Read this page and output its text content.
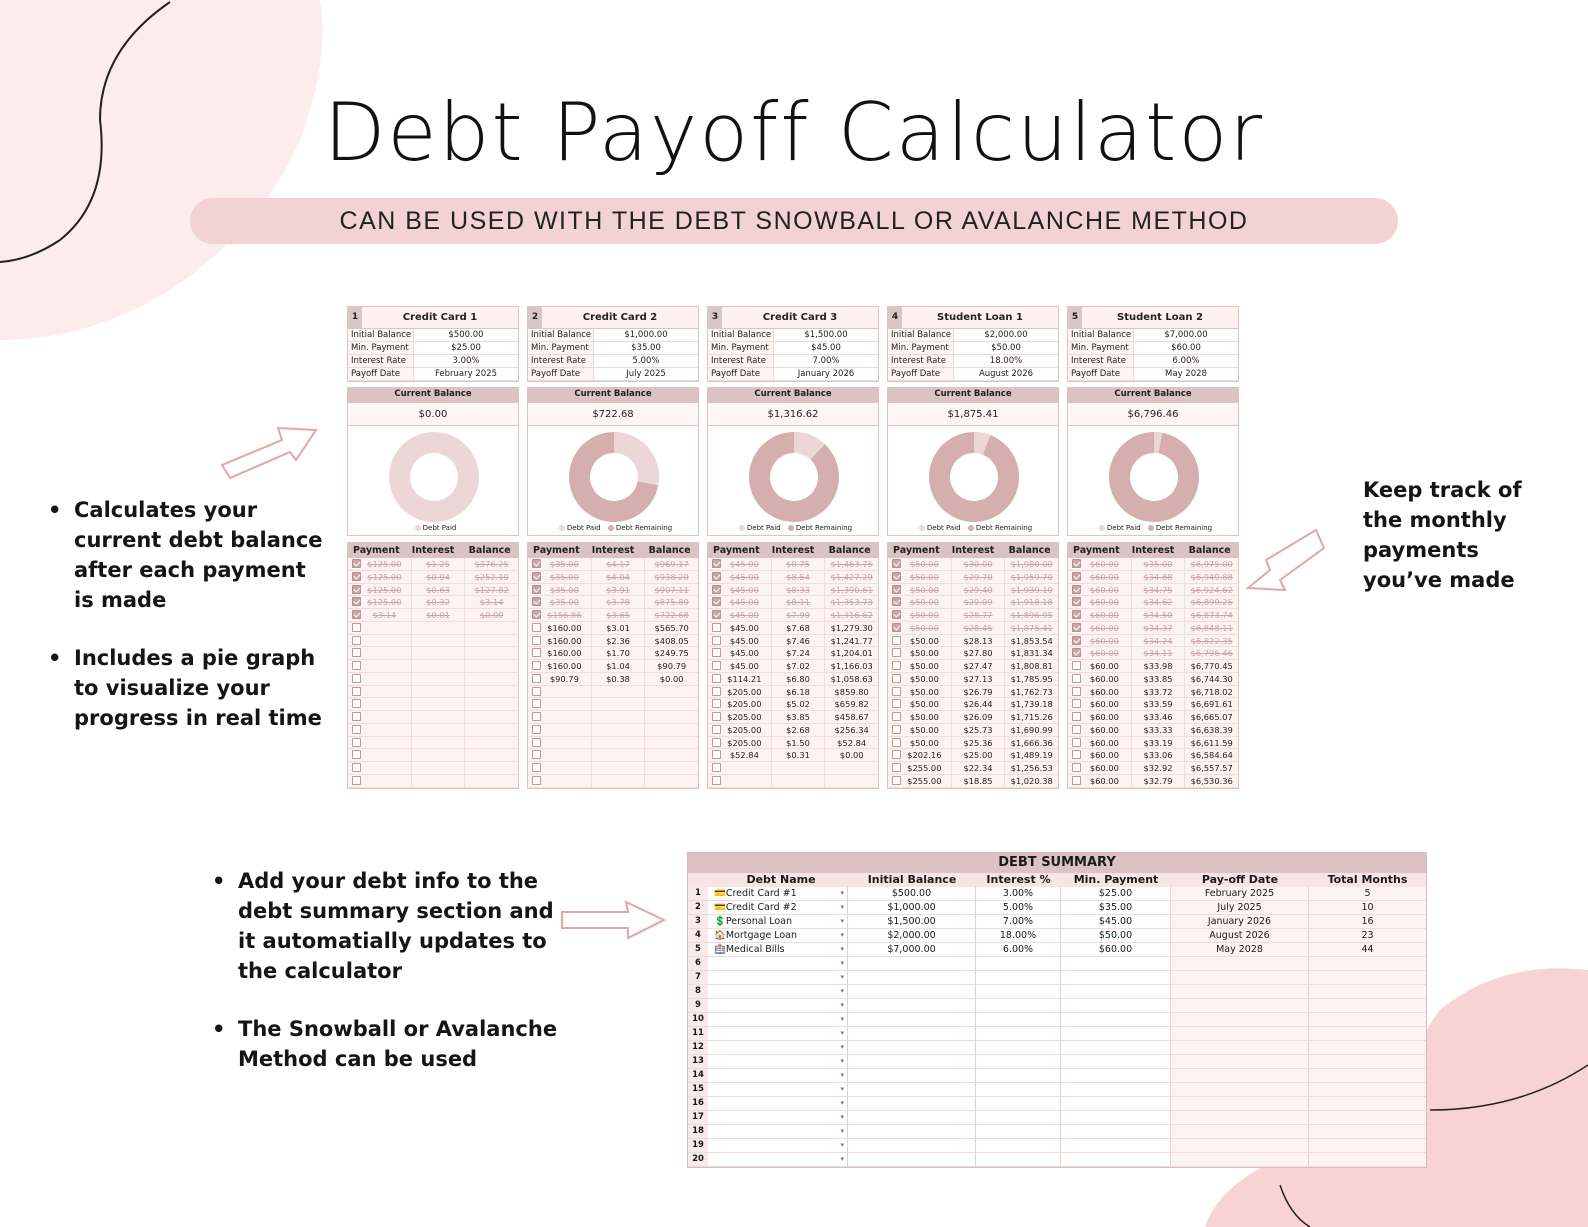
Debt Payoff Calculator
CAN BE USED WITH THE DEBT SNOWBALL OR AVALANCHE METHOD
• Calculates your current debt balance after each payment is made
• Includes a pie graph to visualize your progress in real time
Keep track of the monthly payments you’ve made
• Add your debt info to the debt summary section and it automatially updates to the calculator
• The Snowball or Avalanche Method can be used
1	Credit Card 1
Initial Balance	$500.00
Min. Payment	$25.00
Interest Rate	3.00%
Payoff Date	February 2025
Current Balance
$0.00
Debt Paid
Payment	Interest	Balance
$125.00	$1.25	$376.25
$125.00	$0.94	$252.19
$125.00	$0.63	$127.82
$125.00	$0.32	$3.14
$3.14	$0.01	$0.00
2	Credit Card 2
Initial Balance	$1,000.00
Min. Payment	$35.00
Interest Rate	5.00%
Payoff Date	July 2025
Current Balance
$722.68
Debt Paid Debt Remaining
Payment	Interest	Balance
$35.00	$4.17	$969.17
$35.00	$4.04	$938.20
$35.00	$3.91	$907.11
$35.00	$3.78	$875.89
$156.86	$3.65	$722.68
$160.00	$3.01	$565.70
$160.00	$2.36	$408.05
$160.00	$1.70	$249.75
$160.00	$1.04	$90.79
$90.79	$0.38	$0.00
3	Credit Card 3
Initial Balance	$1,500.00
Min. Payment	$45.00
Interest Rate	7.00%
Payoff Date	January 2026
Current Balance
$1,316.62
Debt Paid Debt Remaining
Payment	Interest	Balance
$45.00	$8.75	$1,463.75
$45.00	$8.54	$1,427.29
$45.00	$8.33	$1,390.61
$45.00	$8.11	$1,353.73
$45.00	$7.90	$1,316.62
$45.00	$7.68	$1,279.30
$45.00	$7.46	$1,241.77
$45.00	$7.24	$1,204.01
$45.00	$7.02	$1,166.03
$114.21	$6.80	$1,058.63
$205.00	$6.18	$859.80
$205.00	$5.02	$659.82
$205.00	$3.85	$458.67
$205.00	$2.68	$256.34
$205.00	$1.50	$52.84
$52.84	$0.31	$0.00
4	Student Loan 1
Initial Balance	$2,000.00
Min. Payment	$50.00
Interest Rate	18.00%
Payoff Date	August 2026
Current Balance
$1,875.41
Debt Paid Debt Remaining
Payment	Interest	Balance
$50.00	$30.00	$1,980.00
$50.00	$29.70	$1,959.70
$50.00	$29.40	$1,939.10
$50.00	$29.09	$1,918.18
$50.00	$28.77	$1,896.95
$50.00	$28.45	$1,875.41
$50.00	$28.13	$1,853.54
$50.00	$27.80	$1,831.34
$50.00	$27.47	$1,808.81
$50.00	$27.13	$1,785.95
$50.00	$26.79	$1,762.73
$50.00	$26.44	$1,739.18
$50.00	$26.09	$1,715.26
$50.00	$25.73	$1,690.99
$50.00	$25.36	$1,666.36
$202.16	$25.00	$1,489.19
$255.00	$22.34	$1,256.53
$255.00	$18.85	$1,020.38
5	Student Loan 2
Initial Balance	$7,000.00
Min. Payment	$60.00
Interest Rate	6.00%
Payoff Date	May 2028
Current Balance
$6,796.46
Debt Paid Debt Remaining
Payment	Interest	Balance
$60.00	$35.00	$6,975.00
$60.00	$34.88	$6,949.88
$60.00	$34.75	$6,924.62
$60.00	$34.62	$6,899.25
$60.00	$34.50	$6,873.74
$60.00	$34.37	$6,848.11
$60.00	$34.24	$6,822.35
$60.00	$34.11	$6,796.46
$60.00	$33.98	$6,770.45
$60.00	$33.85	$6,744.30
$60.00	$33.72	$6,718.02
$60.00	$33.59	$6,691.61
$60.00	$33.46	$6,665.07
$60.00	$33.33	$6,638.39
$60.00	$33.19	$6,611.59
$60.00	$33.06	$6,584.64
$60.00	$32.92	$6,557.57
$60.00	$32.79	$6,530.36
DEBT SUMMARY
Debt Name	Initial Balance	Interest %	Min. Payment	Pay-off Date	Total Months
1	💳Credit Card #1	▾	$500.00	3.00%	$25.00	February 2025	5
2	💳Credit Card #2	▾	$1,000.00	5.00%	$35.00	July 2025	10
3	💲Personal Loan	▾	$1,500.00	7.00%	$45.00	January 2026	16
4	🏠Mortgage Loan	▾	$2,000.00	18.00%	$50.00	August 2026	23
5	🏥Medical Bills	▾	$7,000.00	6.00%	$60.00	May 2028	44
6	▾
7	▾
8	▾
9	▾
10	▾
11	▾
12	▾
13	▾
14	▾
15	▾
16	▾
17	▾
18	▾
19	▾
20	▾
